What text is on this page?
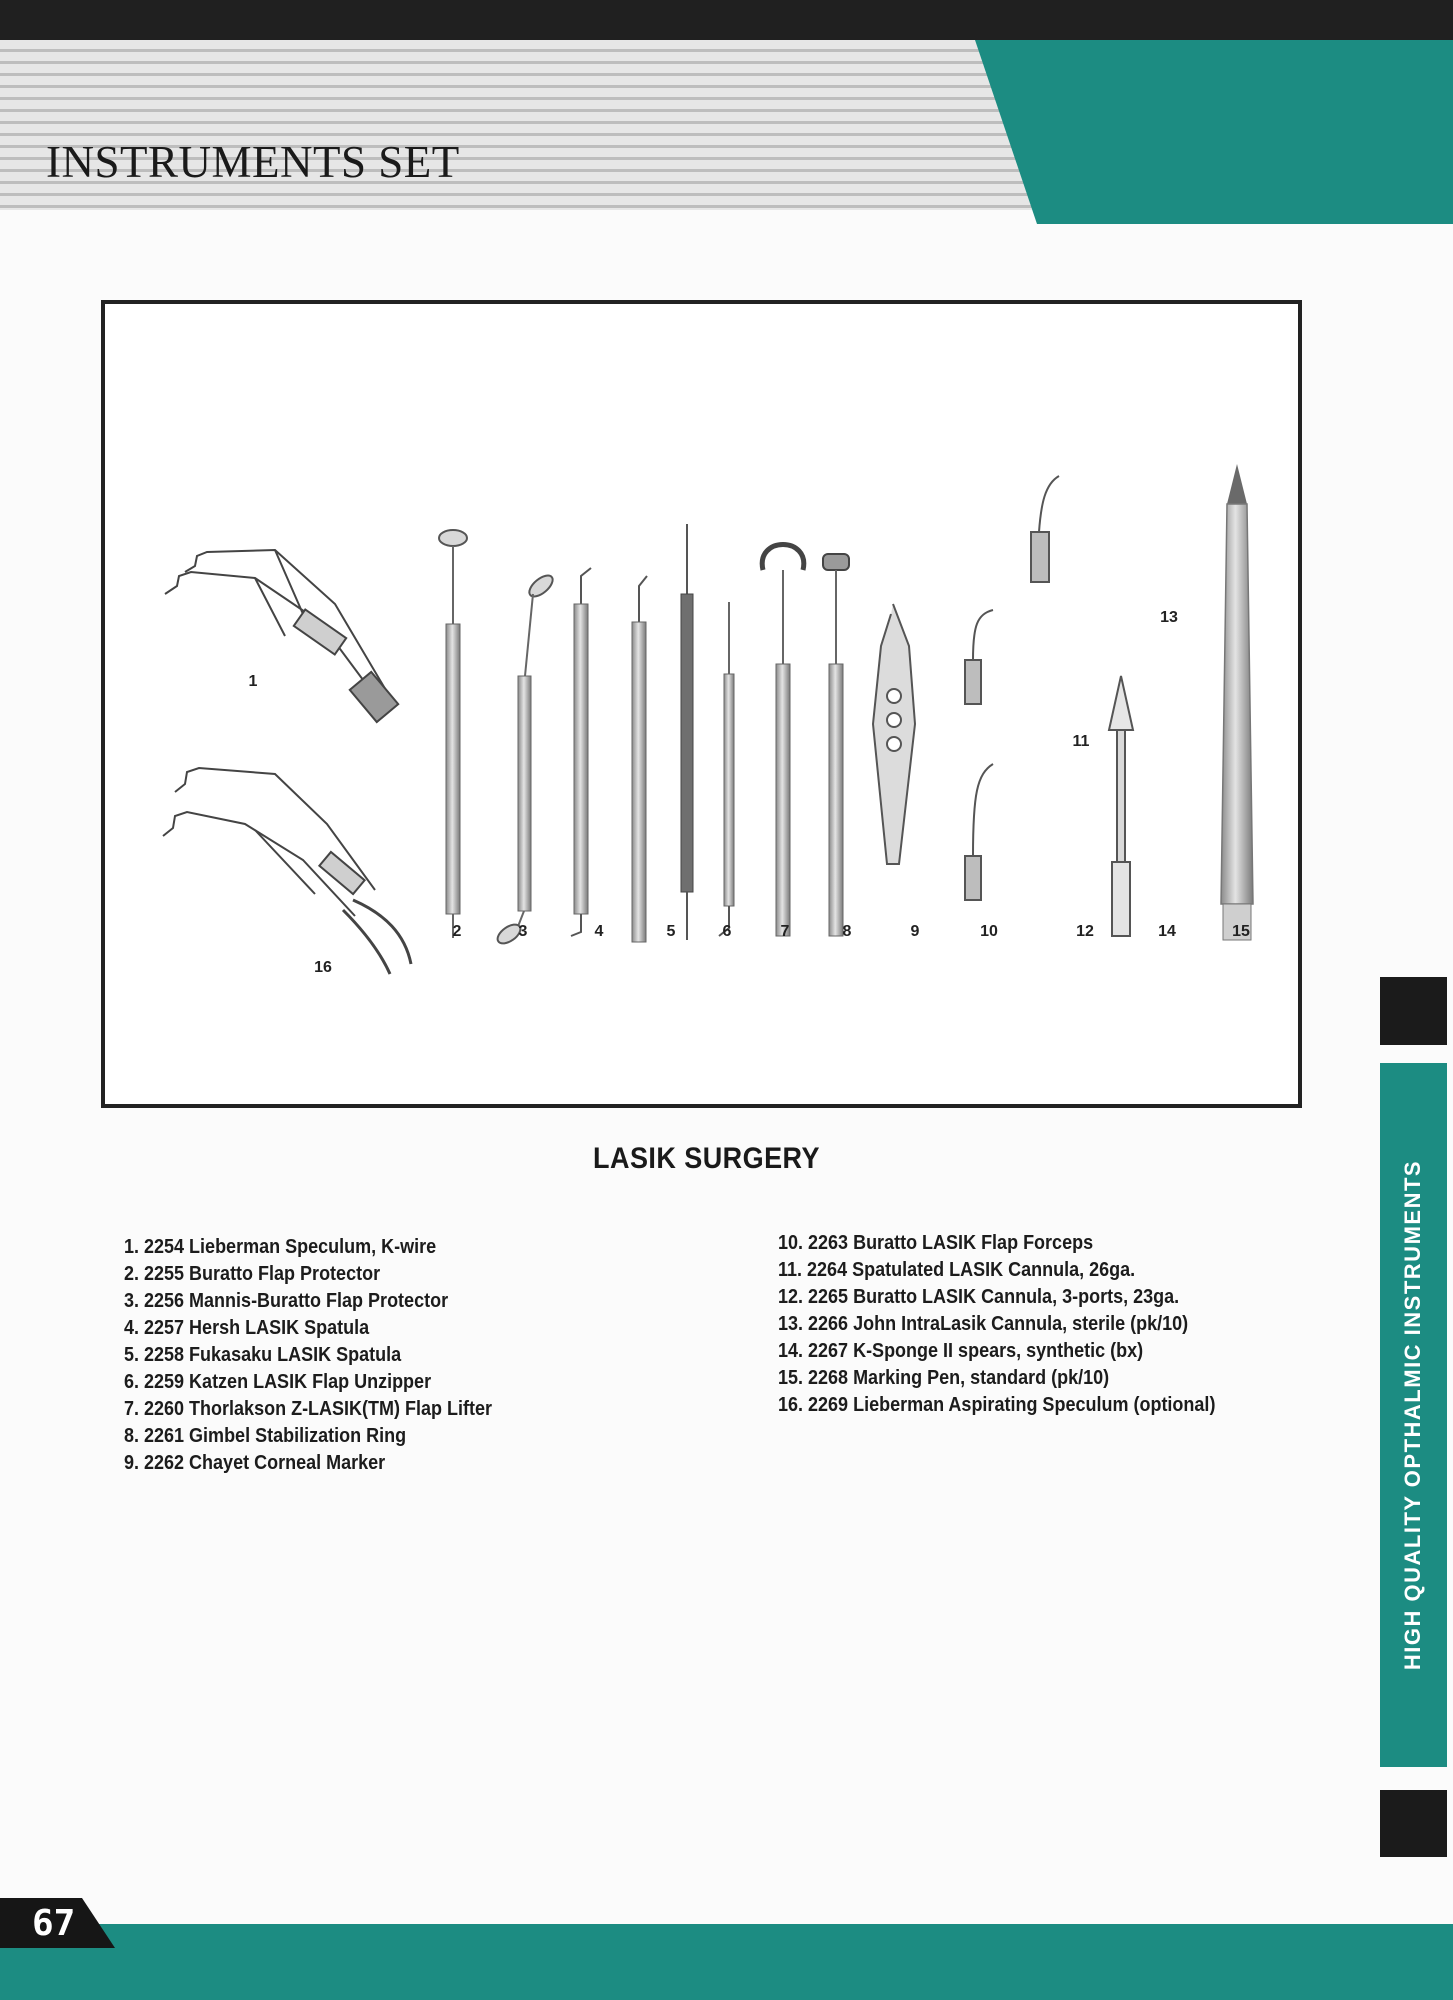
INSTRUMENTS SET
1
2	3	4	5	6	7	8	9	10
11
12
13
14	15
16
LASIK SURGERY
1. 2254 Lieberman Speculum, K-wire
2. 2255 Buratto Flap Protector
3. 2256 Mannis-Buratto Flap Protector
4. 2257 Hersh LASIK Spatula
5. 2258 Fukasaku LASIK Spatula
6. 2259 Katzen LASIK Flap Unzipper
7. 2260 Thorlakson Z-LASIK(TM) Flap Lifter
8. 2261 Gimbel Stabilization Ring
9. 2262 Chayet Corneal Marker
10. 2263 Buratto LASIK Flap Forceps
11. 2264 Spatulated LASIK Cannula, 26ga.
12. 2265 Buratto LASIK Cannula, 3-ports, 23ga.
13. 2266 John IntraLasik Cannula, sterile (pk/10)
14. 2267 K-Sponge II spears, synthetic (bx)
15. 2268 Marking Pen, standard (pk/10)
16. 2269 Lieberman Aspirating Speculum (optional)	HIGH QUALITY OPTHALMIC INSTRUMENTS
67
